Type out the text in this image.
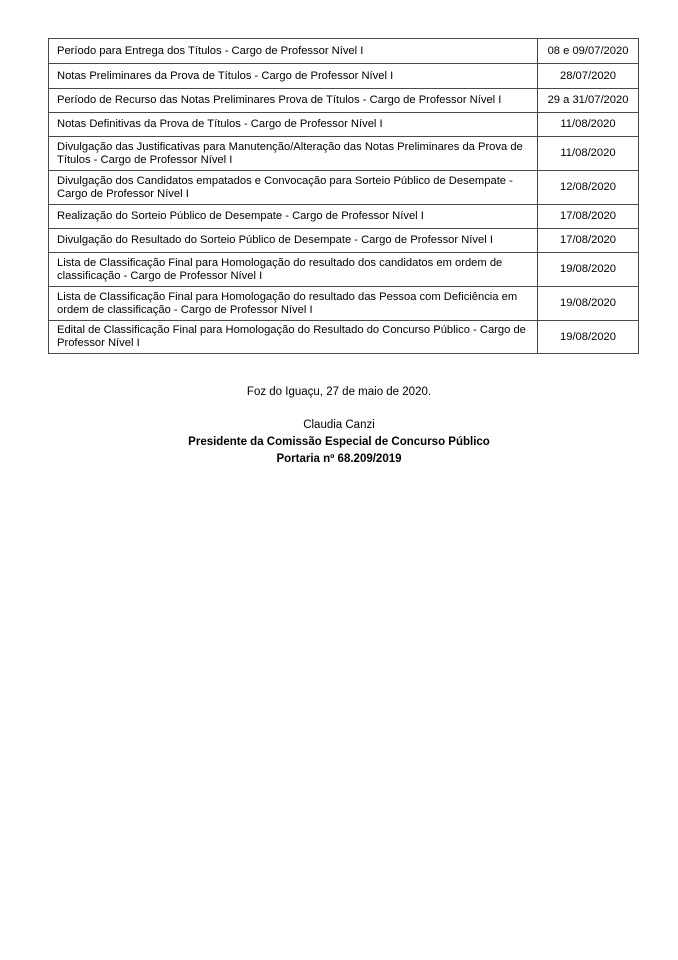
Período para Entrega dos Títulos - Cargo de Professor Nível I	08 e 09/07/2020
Notas Preliminares da Prova de Títulos - Cargo de Professor Nível I	28/07/2020
Período de Recurso das Notas Preliminares Prova de Títulos - Cargo de Professor Nível I	29 a 31/07/2020
Notas Definitivas da Prova de Títulos - Cargo de Professor Nível I	11/08/2020
Divulgação das Justificativas para Manutenção/Alteração das Notas Preliminares da Prova de Títulos - Cargo de Professor Nível I	11/08/2020
Divulgação dos Candidatos empatados e Convocação para Sorteio Público de Desempate - Cargo de Professor Nível I	12/08/2020
Realização do Sorteio Público de Desempate - Cargo de Professor Nível I	17/08/2020
Divulgação do Resultado do Sorteio Público de Desempate - Cargo de Professor Nível I	17/08/2020
Lista de Classificação Final para Homologação do resultado dos candidatos em ordem de classificação - Cargo de Professor Nível I	19/08/2020
Lista de Classificação Final para Homologação do resultado das Pessoa com Deficiência em ordem de classificação - Cargo de Professor Nível I	19/08/2020
Edital de Classificação Final para Homologação do Resultado do Concurso Público - Cargo de Professor Nível I	19/08/2020
Foz do Iguaçu, 27 de maio de 2020.
Claudia Canzi
Presidente da Comissão Especial de Concurso Público
Portaria nº 68.209/2019
